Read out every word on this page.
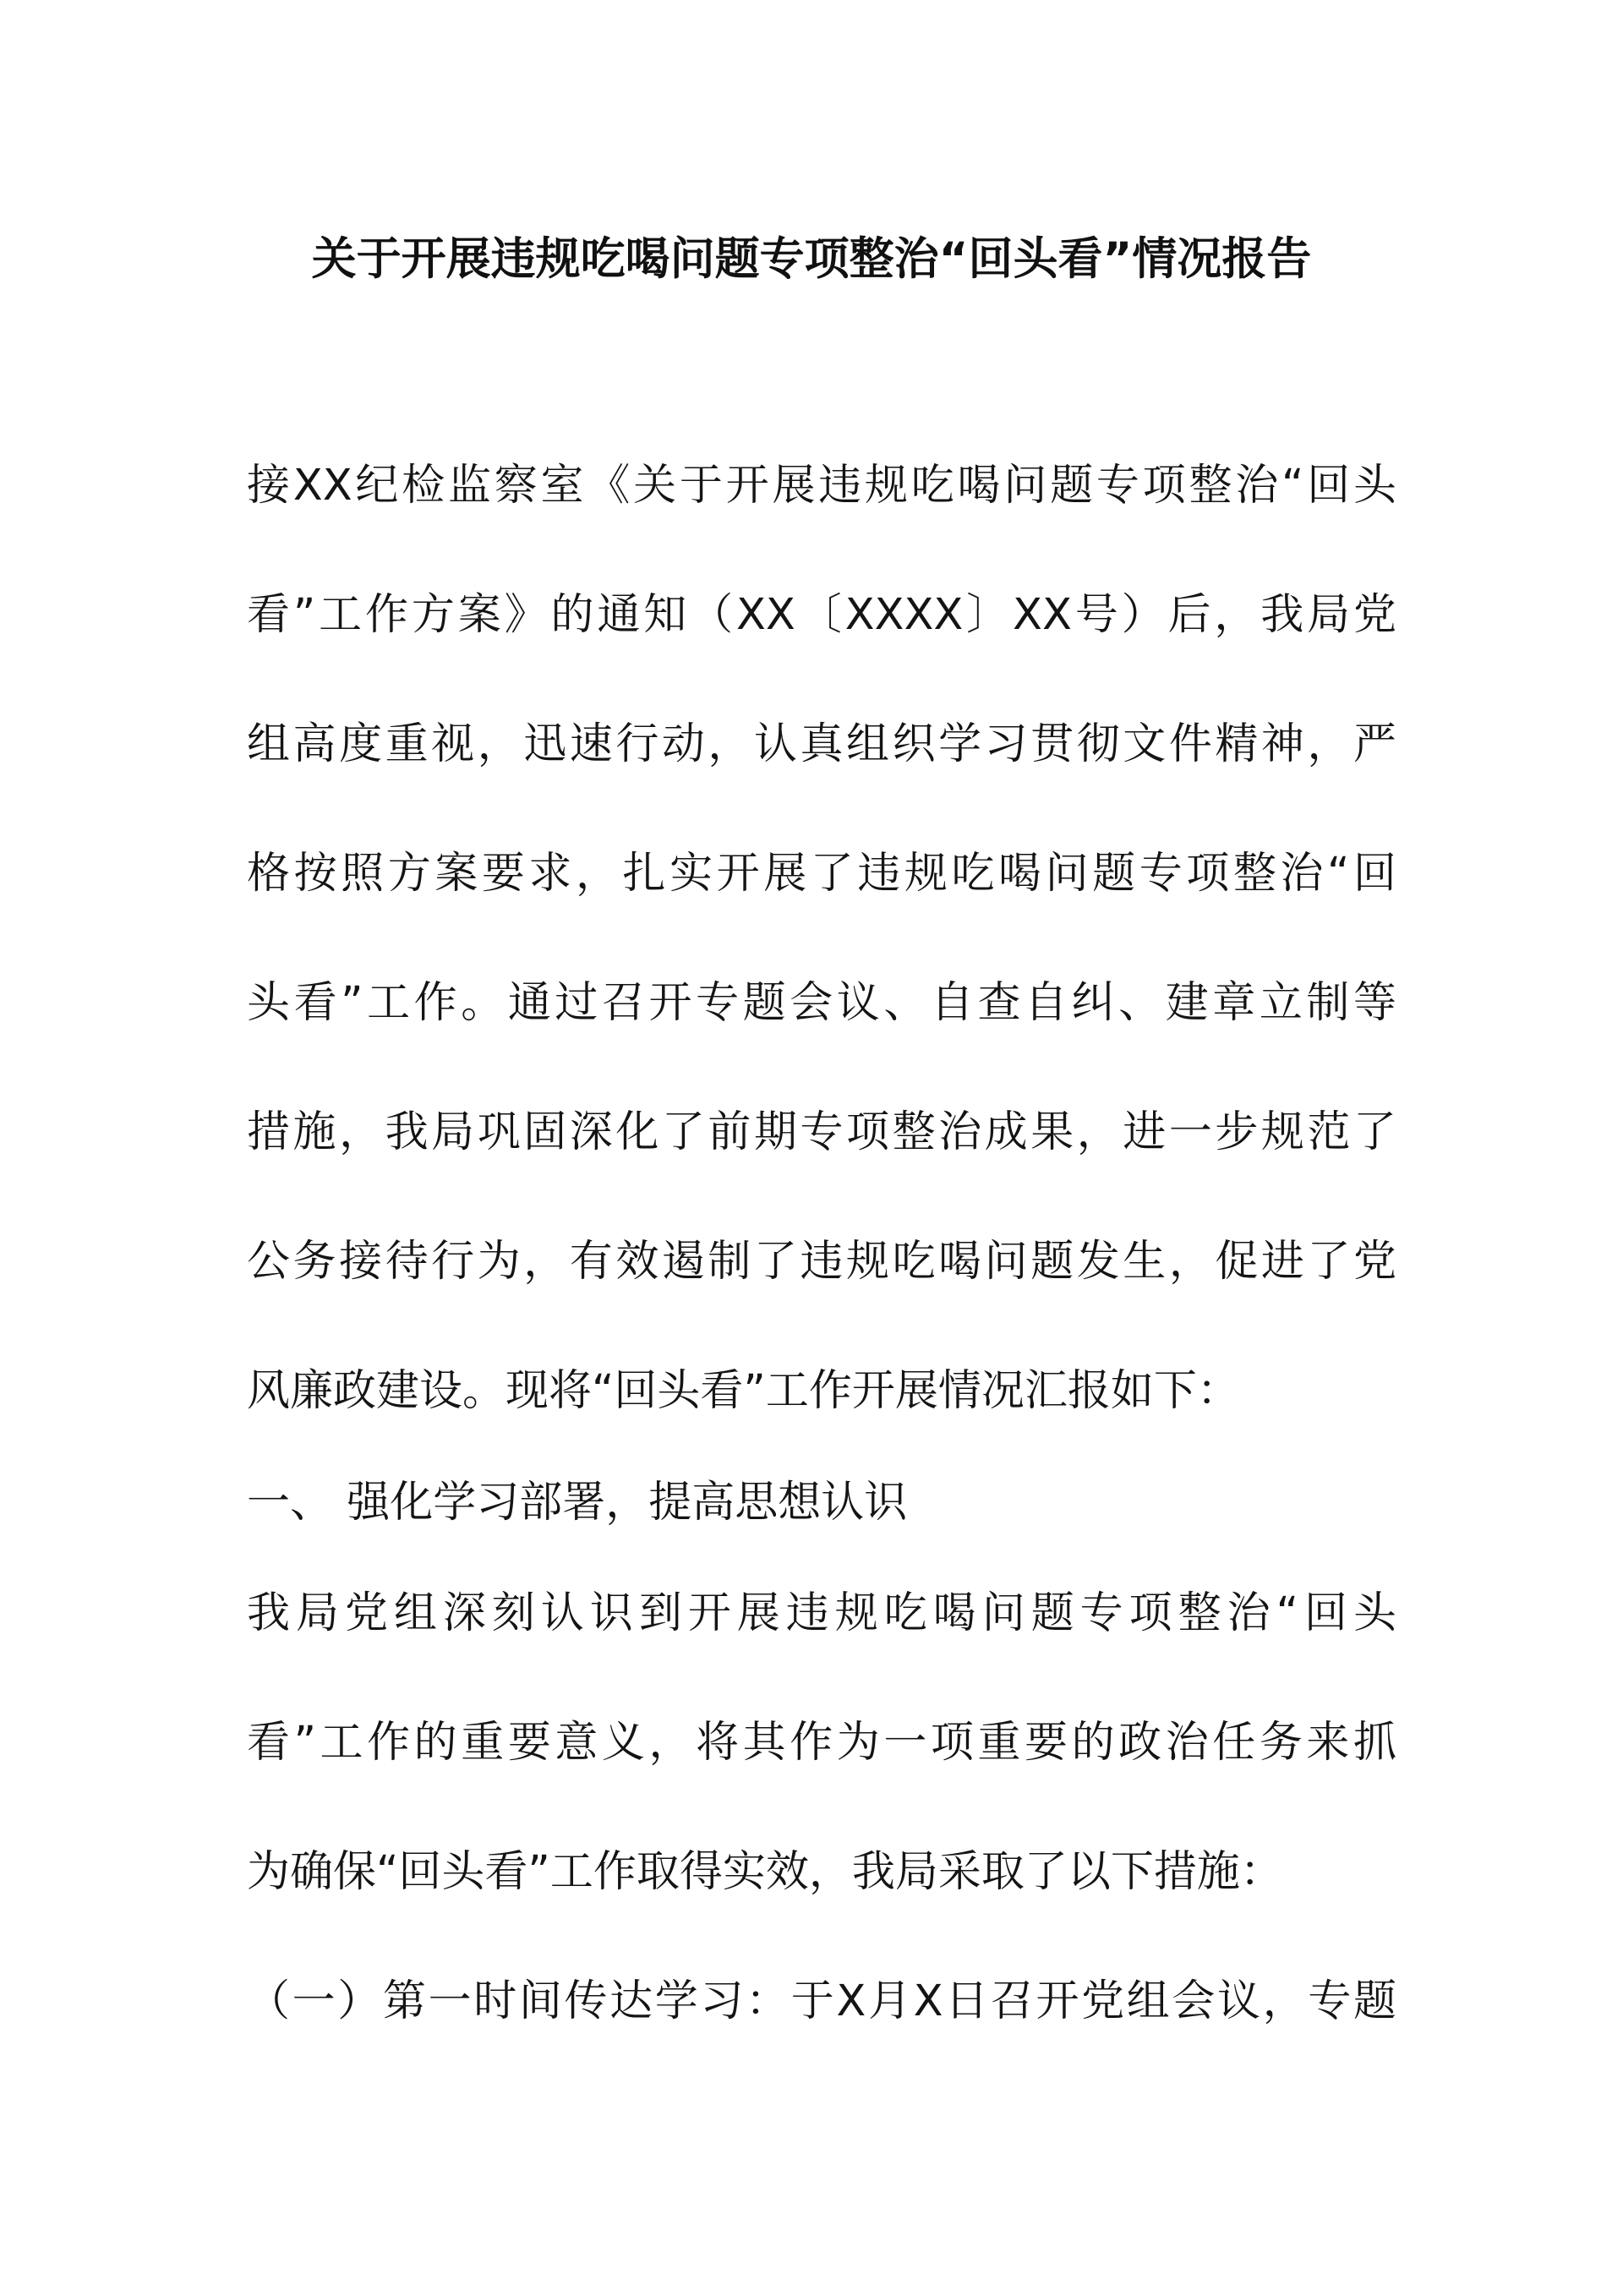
关于开展违规吃喝问题专项整治“回头看”情况报告
接XX纪检监察室《关于开展违规吃喝问题专项整治“回头
看”工作方案》的通知（XX〔XXXX〕XX号）后，我局党
组高度重视，迅速行动，认真组织学习贯彻文件精神，严
格按照方案要求，扎实开展了违规吃喝问题专项整治“回
头看”工作。通过召开专题会议、自查自纠、建章立制等
措施，我局巩固深化了前期专项整治成果，进一步规范了
公务接待行为，有效遏制了违规吃喝问题发生，促进了党
风廉政建设。现将“回头看”工作开展情况汇报如下：
一、 强化学习部署，提高思想认识
我局党组深刻认识到开展违规吃喝问题专项整治“回头
看”工作的重要意义，将其作为一项重要的政治任务来抓
为确保“回头看”工作取得实效，我局采取了以下措施：
（一）第一时间传达学习：于X月X日召开党组会议，专题
